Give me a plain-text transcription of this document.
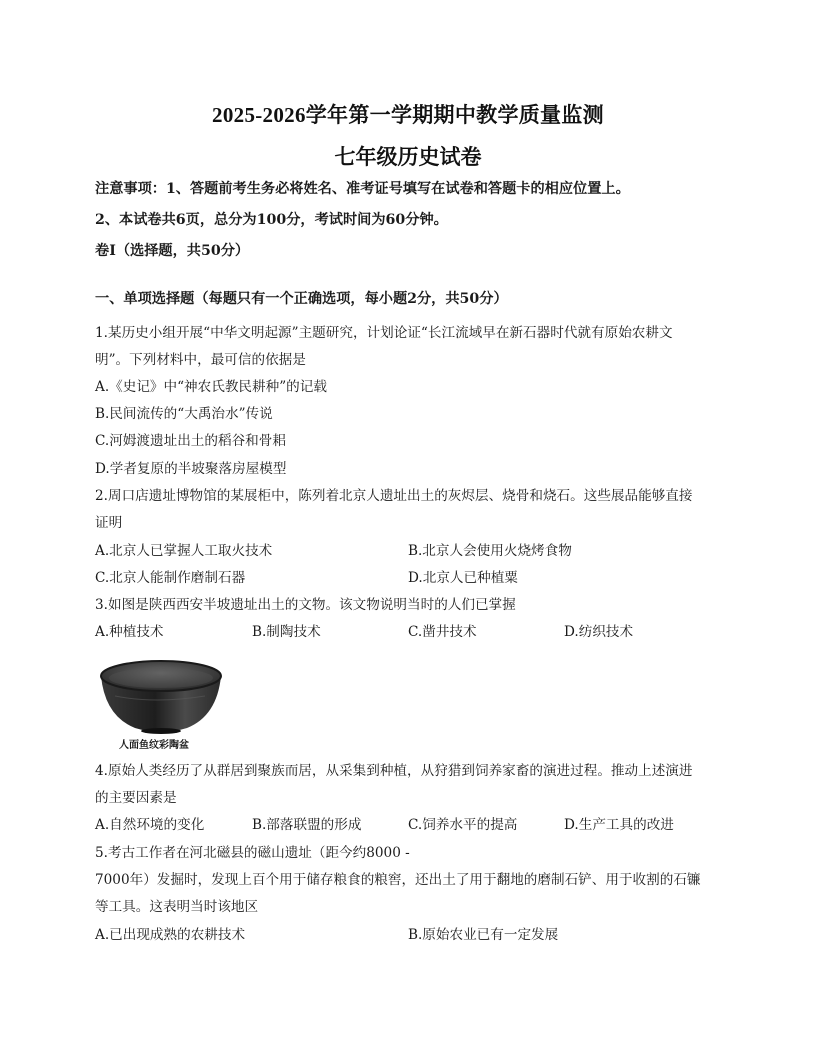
2025-2026学年第一学期期中教学质量监测
七年级历史试卷
注意事项：1、答题前考生务必将姓名、准考证号填写在试卷和答题卡的相应位置上。
2、本试卷共6页，总分为100分，考试时间为60分钟。
卷Ⅰ（选择题，共50分）
一、单项选择题（每题只有一个正确选项，每小题2分，共50分）
1.某历史小组开展“中华文明起源”主题研究，计划论证“长江流域早在新石器时代就有原始农耕文
明”。下列材料中，最可信的依据是
A.《史记》中“神农氏教民耕种”的记载
B.民间流传的“大禹治水”传说
C.河姆渡遗址出土的稻谷和骨耜
D.学者复原的半坡聚落房屋模型
2.周口店遗址博物馆的某展柜中，陈列着北京人遗址出土的灰烬层、烧骨和烧石。这些展品能够直接
证明
A.北京人已掌握人工取火技术	B.北京人会使用火烧烤食物
C.北京人能制作磨制石器	D.北京人已种植粟
3.如图是陕西西安半坡遗址出土的文物。该文物说明当时的人们已掌握
A.种植技术	B.制陶技术	C.凿井技术	D.纺织技术
人面鱼纹彩陶盆
4.原始人类经历了从群居到聚族而居，从采集到种植，从狩猎到饲养家畜的演进过程。推动上述演进
的主要因素是
A.自然环境的变化	B.部落联盟的形成	C.饲养水平的提高	D.生产工具的改进
5.考古工作者在河北磁县的磁山遗址（距今约8000 -
7000年）发掘时，发现上百个用于储存粮食的粮窖，还出土了用于翻地的磨制石铲、用于收割的石镰
等工具。这表明当时该地区
A.已出现成熟的农耕技术	B.原始农业已有一定发展
